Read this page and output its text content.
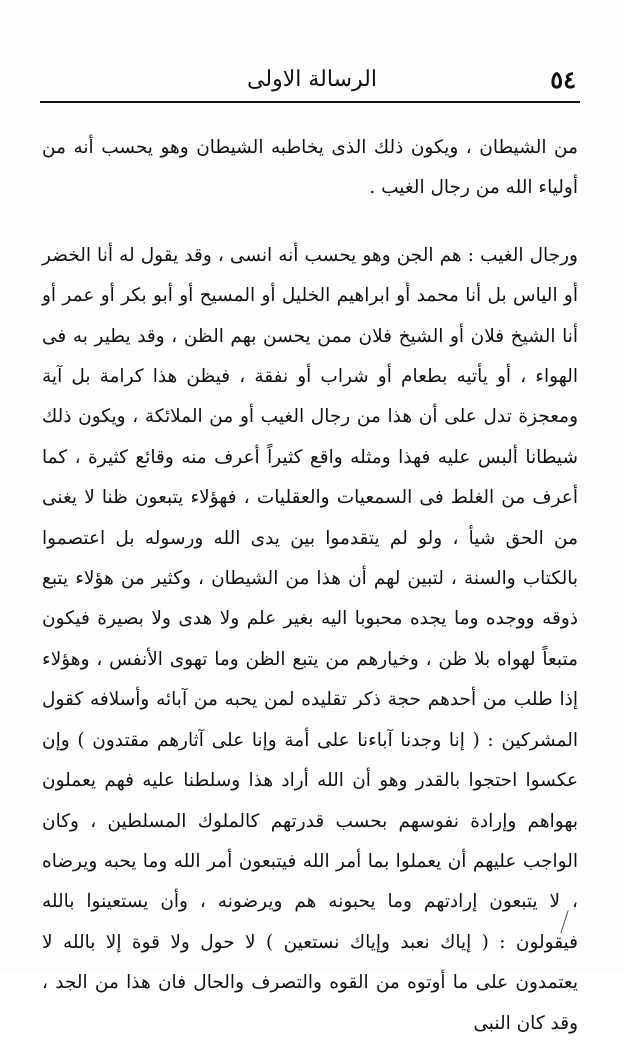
٥٤
الرسالة الاولى

من الشيطان ، ويكون ذلك الذى يخاطبه الشيطان وهو يحسب أنه من أولياء الله من رجال الغيب .

ورجال الغيب : هم الجن وهو يحسب أنه انسى ، وقد يقول له أنا الخضر أو الياس بل أنا محمد أو ابراهيم الخليل أو المسيح أو أبو بكر أو عمر أو أنا الشيخ فلان أو الشيخ فلان ممن يحسن بهم الظن ، وقد يطير به فى الهواء ، أو يأتيه بطعام أو شراب أو نفقة ، فيظن هذا كرامة بل آية ومعجزة تدل على أن هذا من رجال الغيب أو من الملائكة ، ويكون ذلك شيطانا ألبس عليه فهذا ومثله واقع كثيراً أعرف منه وقائع كثيرة ، كما أعرف من الغلط فى السمعيات والعقليات ، فهؤلاء يتبعون ظنا لا يغنى من الحق شيأ ، ولو لم يتقدموا بين يدى الله ورسوله بل اعتصموا بالكتاب والسنة ، لتبين لهم أن هذا من الشيطان ، وكثير من هؤلاء يتبع ذوقه ووجده وما يجده محبوبا اليه بغير علم ولا هدى ولا بصيرة فيكون متبعاً لهواه بلا ظن ، وخيارهم من يتبع الظن وما تهوى الأنفس ، وهؤلاء إذا طلب من أحدهم حجة ذكر تقليده لمن يحبه من آبائه وأسلافه كقول المشركين : ( إنا وجدنا آباءنا على أمة وإنا على آثارهم مقتدون ) وإن عكسوا احتجوا بالقدر وهو أن الله أراد هذا وسلطنا عليه فهم يعملون بهواهم وإرادة نفوسهم بحسب قدرتهم كالملوك المسلطين ، وكان الواجب عليهم أن يعملوا بما أمر الله فيتبعون أمر الله وما يحبه ويرضاه ، لا يتبعون إرادتهم وما يحبونه هم ويرضونه ، وأن يستعينوا بالله فيقولون : ( إياك نعبد وإياك نستعين ) لا حول ولا قوة إلا بالله لا يعتمدون على ما أوتوه من القوه والتصرف والحال فان هذا من الجد ، وقد كان النبى
